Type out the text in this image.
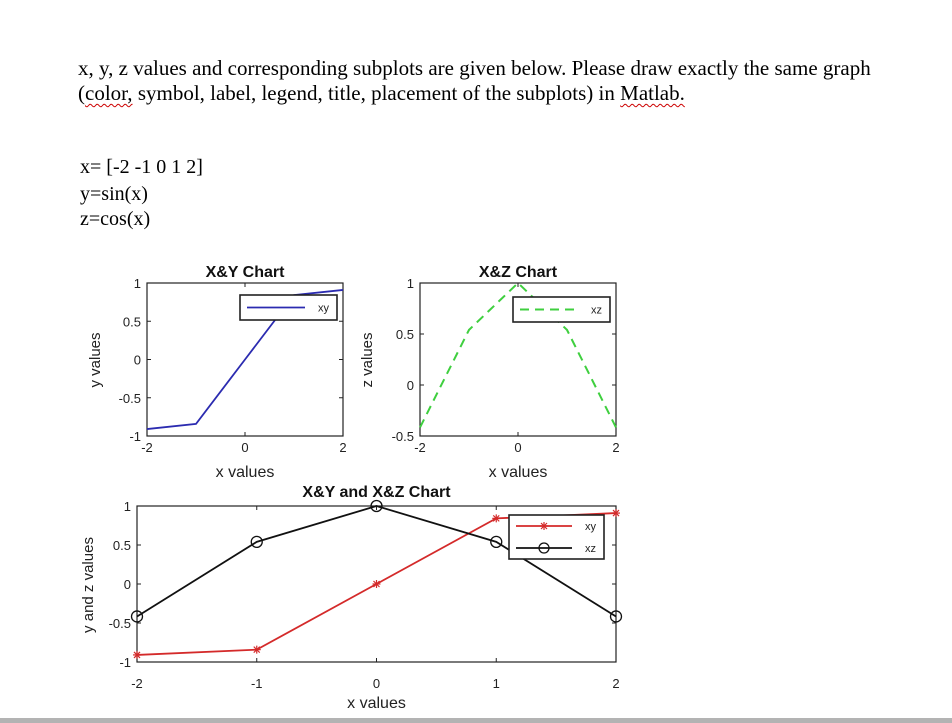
x, y, z values and corresponding subplots are given below. Please draw exactly the same graph
(color, symbol, label, legend, title, placement of the subplots) in Matlab.
x= [-2 -1 0 1 2]
y=sin(x)
z=cos(x)
-2	0	2
-1
-0.5
0
0.5
1
X&Y Chart
x values
y values
xy
-2	0	2
-0.5
0
0.5
1
X&Z Chart
x values
z values
xz
-2	-1	0	1	2
-1
-0.5
0
0.5
1
X&Y and X&Z Chart
x values
y and z values
xy
xz
